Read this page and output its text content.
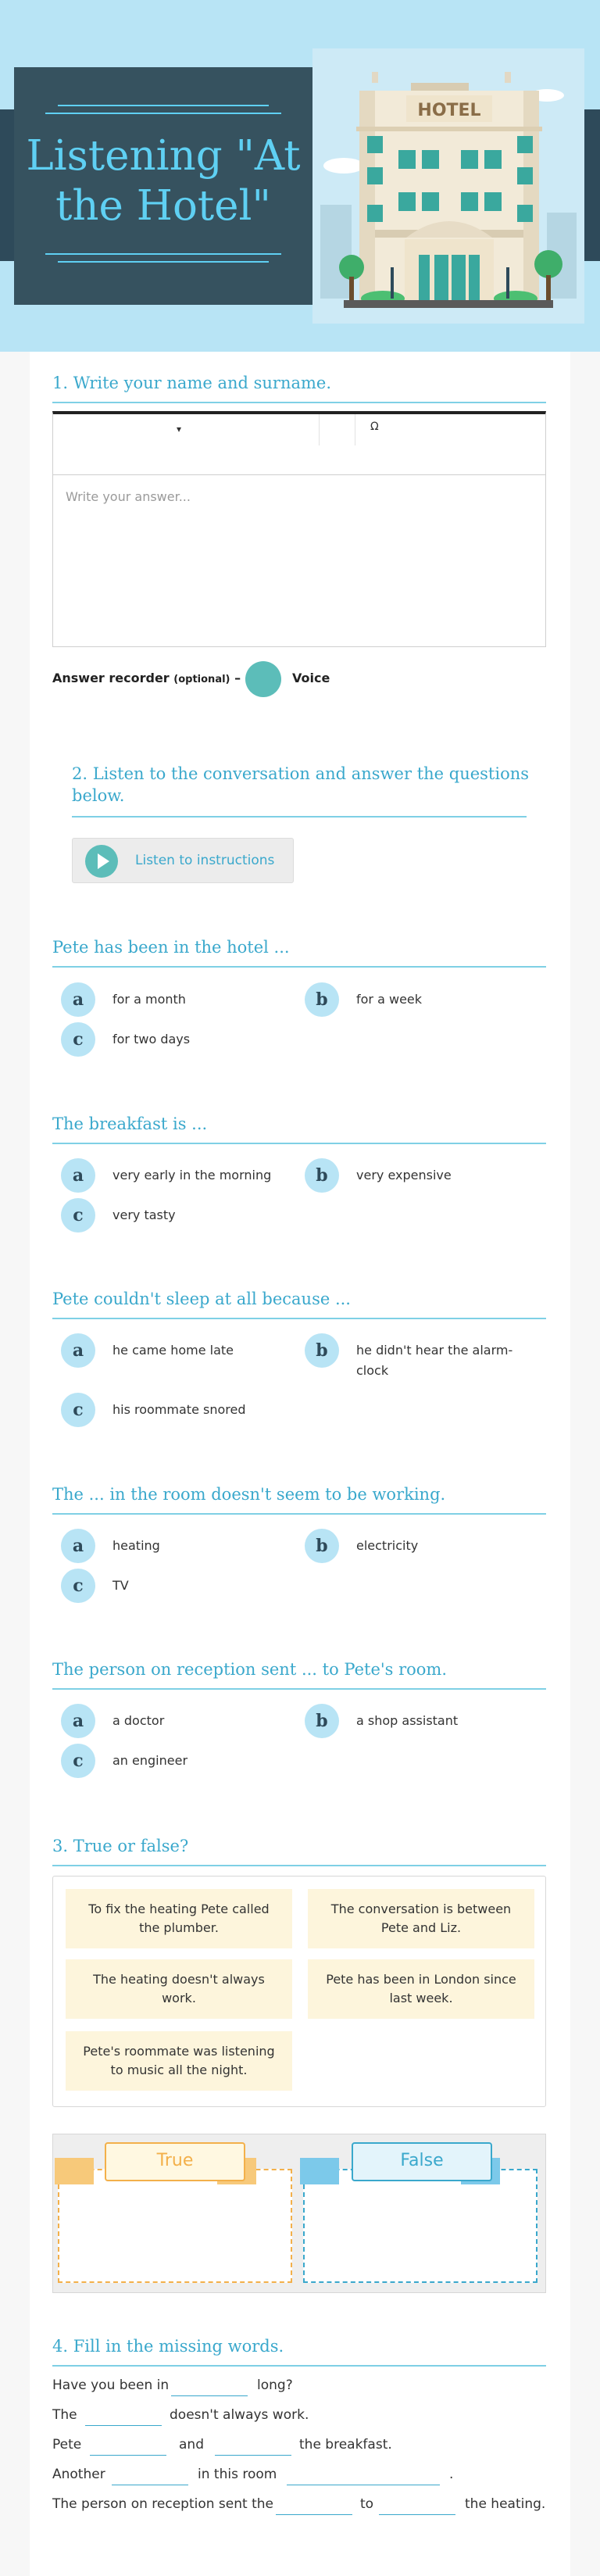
Listening "At the Hotel"
HOTEL
1. Write your name and surname.
▾	Ω
Write your answer...
Answer recorder (optional) –	Voice
2. Listen to the conversation and answer the questions below.
Listen to instructions
Pete has been in the hotel ...
a	for a month	b	for a week
c	for two days
The breakfast is ...
a	very early in the morning	b	very expensive
c	very tasty
Pete couldn't sleep at all because ...
a	he came home late	b	he didn't hear the alarm-clock
c	his roommate snored
The ... in the room doesn't seem to be working.
a	heating	b	electricity
c	TV
The person on reception sent ... to Pete's room.
a	a doctor	b	a shop assistant
c	an engineer
3. True or false?
To fix the heating Pete called the plumber.
The conversation is between Pete and Liz.
The heating doesn't always work.
Pete has been in London since last week.
Pete's roommate was listening to music all the night.
True	False
4. Fill in the missing words.
Have you been in	long?
The	doesn't always work.
Pete	and	the breakfast.
Another	in this room	.
The person on reception sent the	to	the heating.
